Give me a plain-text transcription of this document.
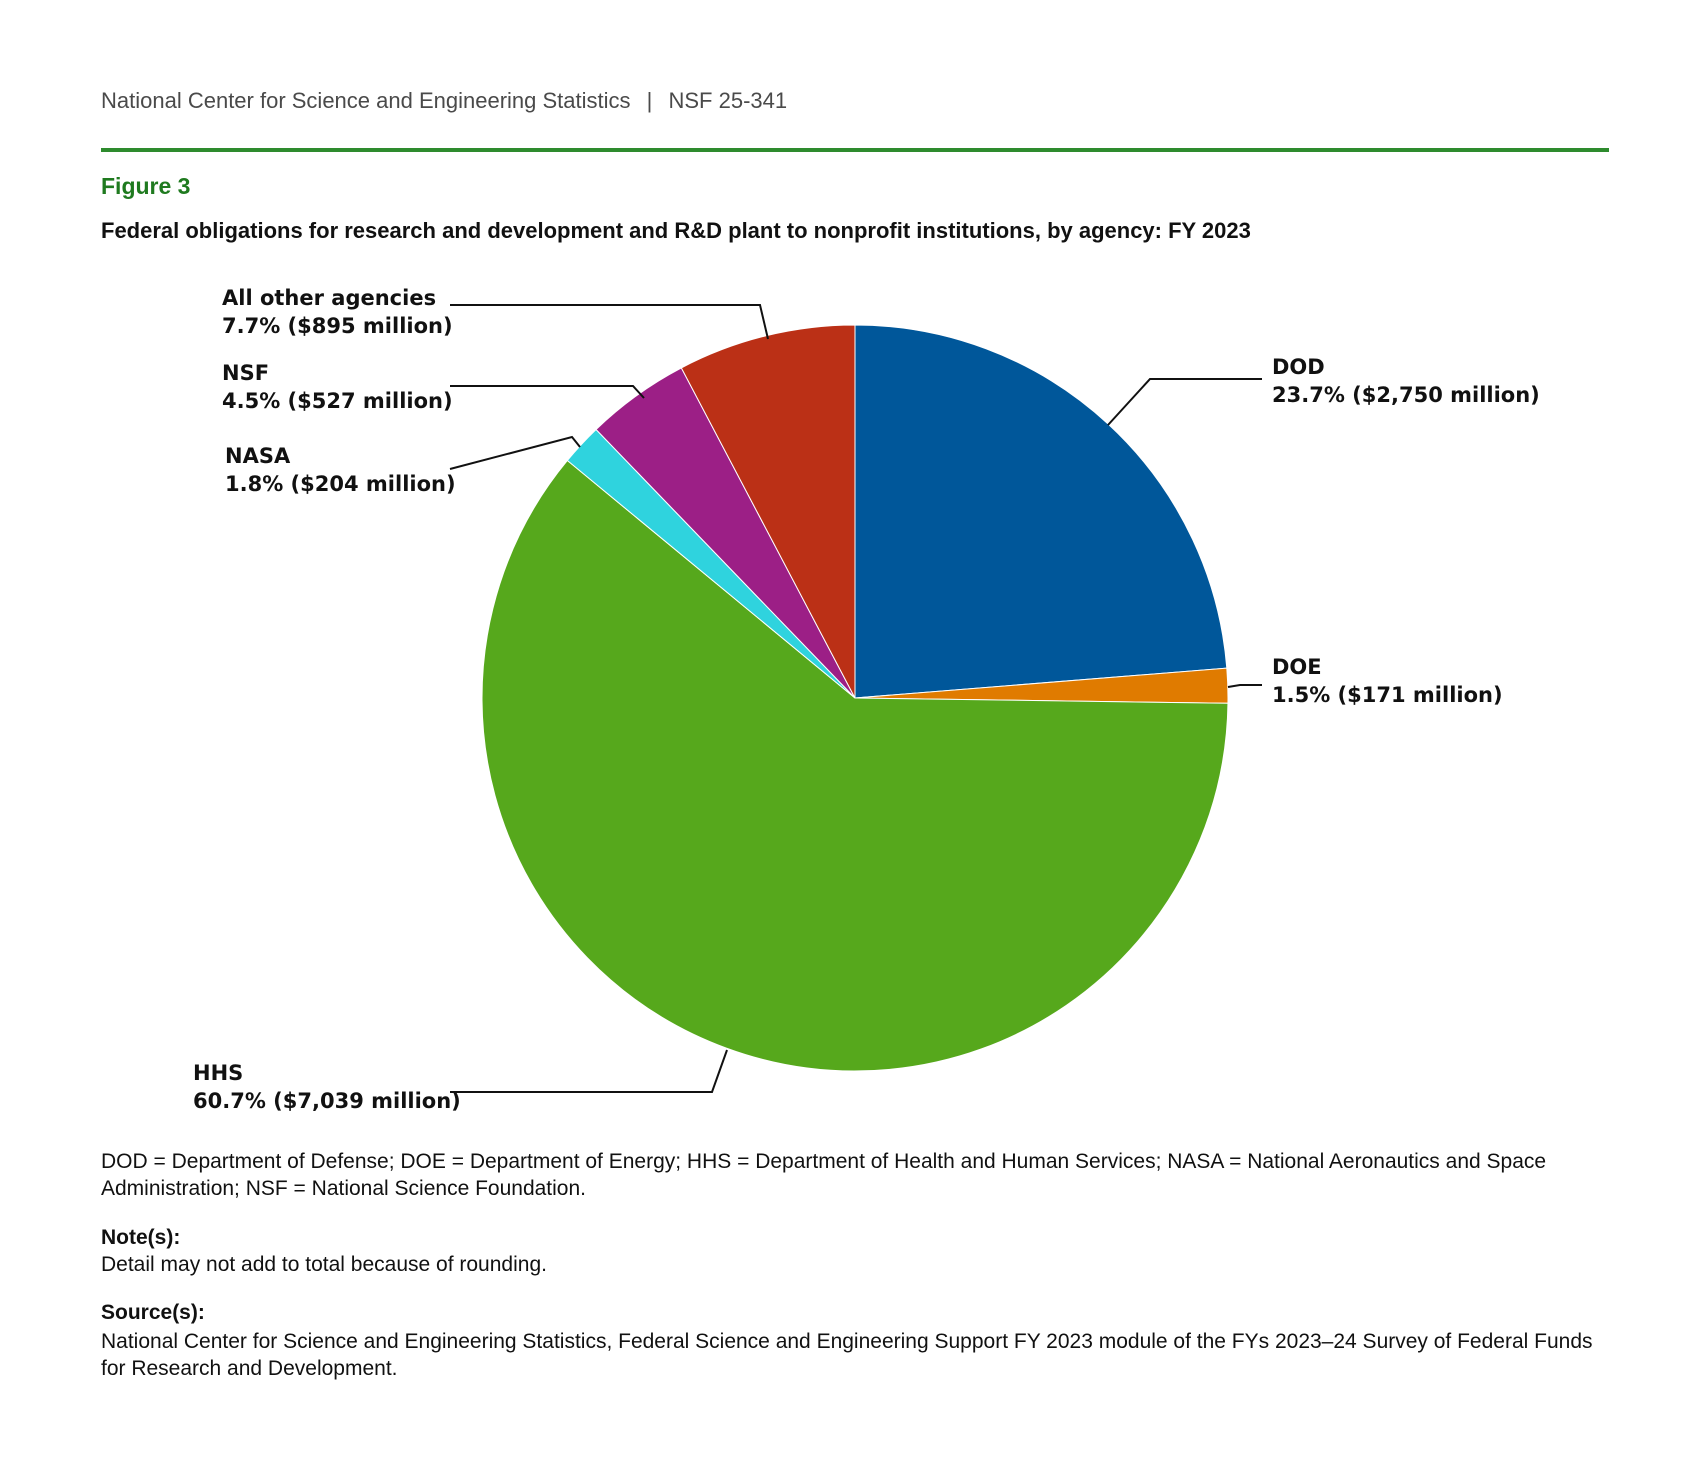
National Center for Science and Engineering Statistics | NSF 25-341
Figure 3
Federal obligations for research and development and R&D plant to nonprofit institutions, by agency: FY 2023
DOD
23.7% ($2,750 million)
DOE
1.5% ($171 million)
HHS
60.7% ($7,039 million)
NASA
1.8% ($204 million)
NSF
4.5% ($527 million)
All other agencies
7.7% ($895 million)
DOD = Department of Defense; DOE = Department of Energy; HHS = Department of Health and Human Services; NASA = National Aeronautics and Space Administration; NSF = National Science Foundation.
Note(s):
Detail may not add to total because of rounding.
Source(s):
National Center for Science and Engineering Statistics, Federal Science and Engineering Support FY 2023 module of the FYs 2023–24 Survey of Federal Funds for Research and Development.
